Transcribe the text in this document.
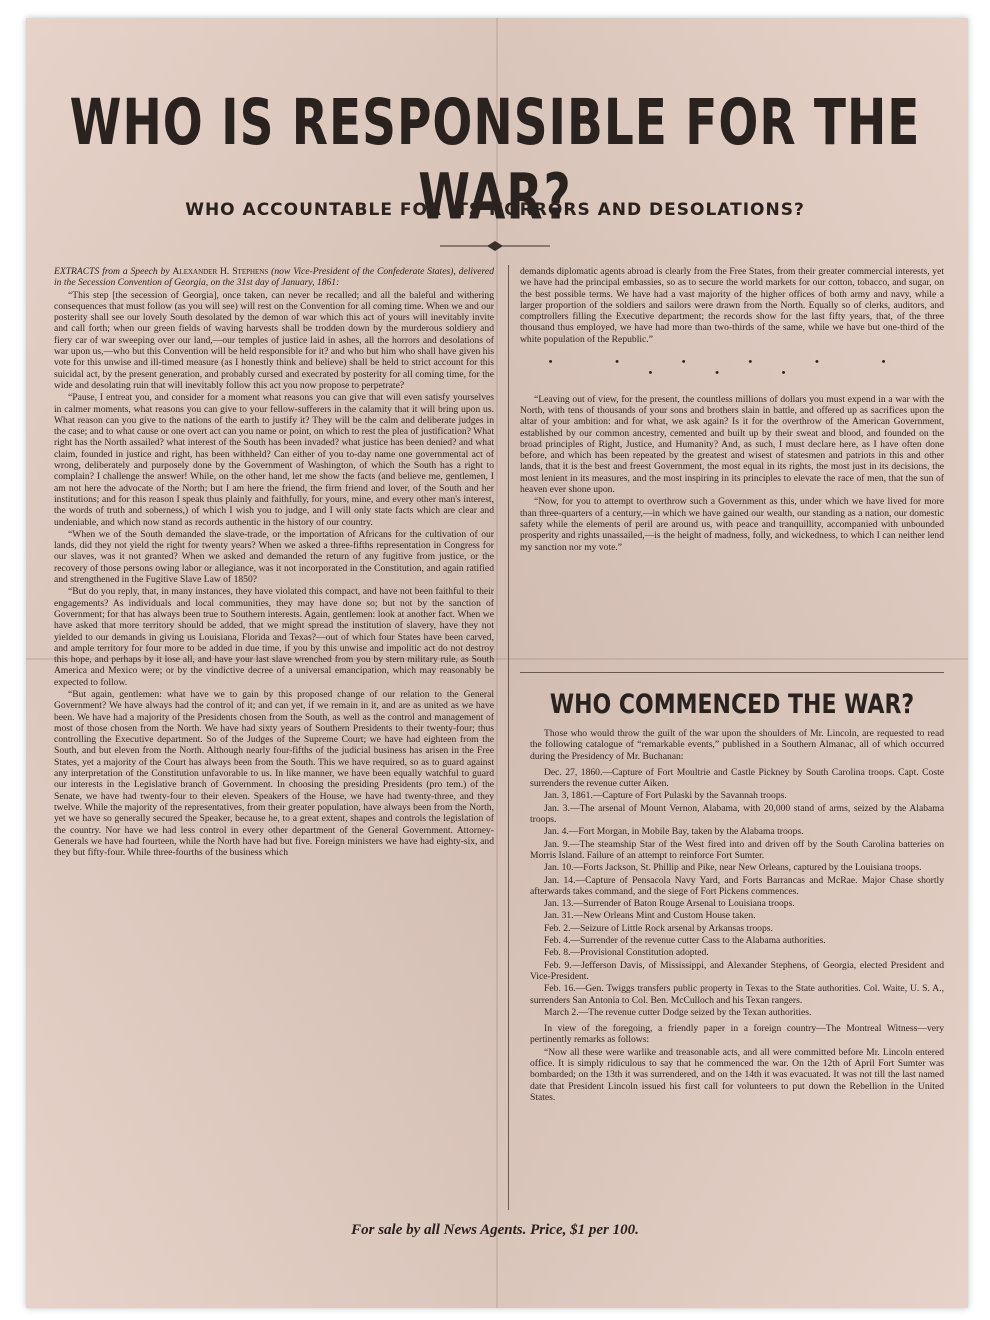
WHO IS RESPONSIBLE FOR THE WAR?
WHO ACCOUNTABLE FOR ITS HORRORS AND DESOLATIONS?

EXTRACTS from a Speech by Alexander H. Stephens (now Vice-President of the Confederate States), delivered in the Secession Convention of Georgia, on the 31st day of January, 1861:

“This step [the secession of Georgia], once taken, can never be recalled; and all the baleful and withering consequences that must follow (as you will see) will rest on the Convention for all coming time. When we and our posterity shall see our lovely South desolated by the demon of war which this act of yours will inevitably invite and call forth; when our green fields of waving harvests shall be trodden down by the murderous soldiery and fiery car of war sweeping over our land,—our temples of justice laid in ashes, all the horrors and desolations of war upon us,—who but this Convention will be held responsible for it? and who but him who shall have given his vote for this unwise and ill-timed measure (as I honestly think and believe) shall be held to strict account for this suicidal act, by the present generation, and probably cursed and execrated by posterity for all coming time, for the wide and desolating ruin that will inevitably follow this act you now propose to perpetrate?

“Pause, I entreat you, and consider for a moment what reasons you can give that will even satisfy yourselves in calmer moments, what reasons you can give to your fellow-sufferers in the calamity that it will bring upon us. What reason can you give to the nations of the earth to justify it? They will be the calm and deliberate judges in the case; and to what cause or one overt act can you name or point, on which to rest the plea of justification? What right has the North assailed? what interest of the South has been invaded? what justice has been denied? and what claim, founded in justice and right, has been withheld? Can either of you to-day name one governmental act of wrong, deliberately and purposely done by the Government of Washington, of which the South has a right to complain? I challenge the answer! While, on the other hand, let me show the facts (and believe me, gentlemen, I am not here the advocate of the North; but I am here the friend, the firm friend and lover, of the South and her institutions; and for this reason I speak thus plainly and faithfully, for yours, mine, and every other man's interest, the words of truth and soberness,) of which I wish you to judge, and I will only state facts which are clear and undeniable, and which now stand as records authentic in the history of our country.

“When we of the South demanded the slave-trade, or the importation of Africans for the cultivation of our lands, did they not yield the right for twenty years? When we asked a three-fifths representation in Congress for our slaves, was it not granted? When we asked and demanded the return of any fugitive from justice, or the recovery of those persons owing labor or allegiance, was it not incorporated in the Constitution, and again ratified and strengthened in the Fugitive Slave Law of 1850?

“But do you reply, that, in many instances, they have violated this compact, and have not been faithful to their engagements? As individuals and local communities, they may have done so; but not by the sanction of Government; for that has always been true to Southern interests. Again, gentlemen: look at another fact. When we have asked that more territory should be added, that we might spread the institution of slavery, have they not yielded to our demands in giving us Louisiana, Florida and Texas?—out of which four States have been carved, and ample territory for four more to be added in due time, if you by this unwise and impolitic act do not destroy this hope, and perhaps by it lose all, and have your last slave wrenched from you by stern military rule, as South America and Mexico were; or by the vindictive decree of a universal emancipation, which may reasonably be expected to follow.

“But again, gentlemen: what have we to gain by this proposed change of our relation to the General Government? We have always had the control of it; and can yet, if we remain in it, and are as united as we have been. We have had a majority of the Presidents chosen from the South, as well as the control and management of most of those chosen from the North. We have had sixty years of Southern Presidents to their twenty-four; thus controlling the Executive department. So of the Judges of the Supreme Court; we have had eighteen from the South, and but eleven from the North. Although nearly four-fifths of the judicial business has arisen in the Free States, yet a majority of the Court has always been from the South. This we have required, so as to guard against any interpretation of the Constitution unfavorable to us. In like manner, we have been equally watchful to guard our interests in the Legislative branch of Government. In choosing the presiding Presidents (pro tem.) of the Senate, we have had twenty-four to their eleven. Speakers of the House, we have had twenty-three, and they twelve. While the majority of the representatives, from their greater population, have always been from the North, yet we have so generally secured the Speaker, because he, to a great extent, shapes and controls the legislation of the country. Nor have we had less control in every other department of the General Government. Attorney-Generals we have had fourteen, while the North have had but five. Foreign ministers we have had eighty-six, and they but fifty-four. While three-fourths of the business which

demands diplomatic agents abroad is clearly from the Free States, from their greater commercial interests, yet we have had the principal embassies, so as to secure the world markets for our cotton, tobacco, and sugar, on the best possible terms. We have had a vast majority of the higher offices of both army and navy, while a larger proportion of the soldiers and sailors were drawn from the North. Equally so of clerks, auditors, and comptrollers filling the Executive department; the records show for the last fifty years, that, of the three thousand thus employed, we have had more than two-thirds of the same, while we have but one-third of the white population of the Republic.”

• • • • • • • • •

“Leaving out of view, for the present, the countless millions of dollars you must expend in a war with the North, with tens of thousands of your sons and brothers slain in battle, and offered up as sacrifices upon the altar of your ambition: and for what, we ask again? Is it for the overthrow of the American Government, established by our common ancestry, cemented and built up by their sweat and blood, and founded on the broad principles of Right, Justice, and Humanity? And, as such, I must declare here, as I have often done before, and which has been repeated by the greatest and wisest of statesmen and patriots in this and other lands, that it is the best and freest Government, the most equal in its rights, the most just in its decisions, the most lenient in its measures, and the most inspiring in its principles to elevate the race of men, that the sun of heaven ever shone upon.

“Now, for you to attempt to overthrow such a Government as this, under which we have lived for more than three-quarters of a century,—in which we have gained our wealth, our standing as a nation, our domestic safety while the elements of peril are around us, with peace and tranquillity, accompanied with unbounded prosperity and rights unassailed,—is the height of madness, folly, and wickedness, to which I can neither lend my sanction nor my vote.”

WHO COMMENCED THE WAR?

Those who would throw the guilt of the war upon the shoulders of Mr. Lincoln, are requested to read the following catalogue of “remarkable events,” published in a Southern Almanac, all of which occurred during the Presidency of Mr. Buchanan:

Dec. 27, 1860.—Capture of Fort Moultrie and Castle Pickney by South Carolina troops. Capt. Coste surrenders the revenue cutter Aiken.

Jan. 3, 1861.—Capture of Fort Pulaski by the Savannah troops.

Jan. 3.—The arsenal of Mount Vernon, Alabama, with 20,000 stand of arms, seized by the Alabama troops.

Jan. 4.—Fort Morgan, in Mobile Bay, taken by the Alabama troops.

Jan. 9.—The steamship Star of the West fired into and driven off by the South Carolina batteries on Morris Island. Failure of an attempt to reinforce Fort Sumter.

Jan. 10.—Forts Jackson, St. Phillip and Pike, near New Orleans, captured by the Louisiana troops.

Jan. 14.—Capture of Pensacola Navy Yard, and Forts Barrancas and McRae. Major Chase shortly afterwards takes command, and the siege of Fort Pickens commences.

Jan. 13.—Surrender of Baton Rouge Arsenal to Louisiana troops.

Jan. 31.—New Orleans Mint and Custom House taken.

Feb. 2.—Seizure of Little Rock arsenal by Arkansas troops.

Feb. 4.—Surrender of the revenue cutter Cass to the Alabama authorities.

Feb. 8.—Provisional Constitution adopted.

Feb. 9.—Jefferson Davis, of Mississippi, and Alexander Stephens, of Georgia, elected President and Vice-President.

Feb. 16.—Gen. Twiggs transfers public property in Texas to the State authorities. Col. Waite, U. S. A., surrenders San Antonia to Col. Ben. McCulloch and his Texan rangers.

March 2.—The revenue cutter Dodge seized by the Texan authorities.

In view of the foregoing, a friendly paper in a foreign country—The Montreal Witness—very pertinently remarks as follows:

“Now all these were warlike and treasonable acts, and all were committed before Mr. Lincoln entered office. It is simply ridiculous to say that he commenced the war. On the 12th of April Fort Sumter was bombarded; on the 13th it was surrendered, and on the 14th it was evacuated. It was not till the last named date that President Lincoln issued his first call for volunteers to put down the Rebellion in the United States.

For sale by all News Agents. Price, $1 per 100.
